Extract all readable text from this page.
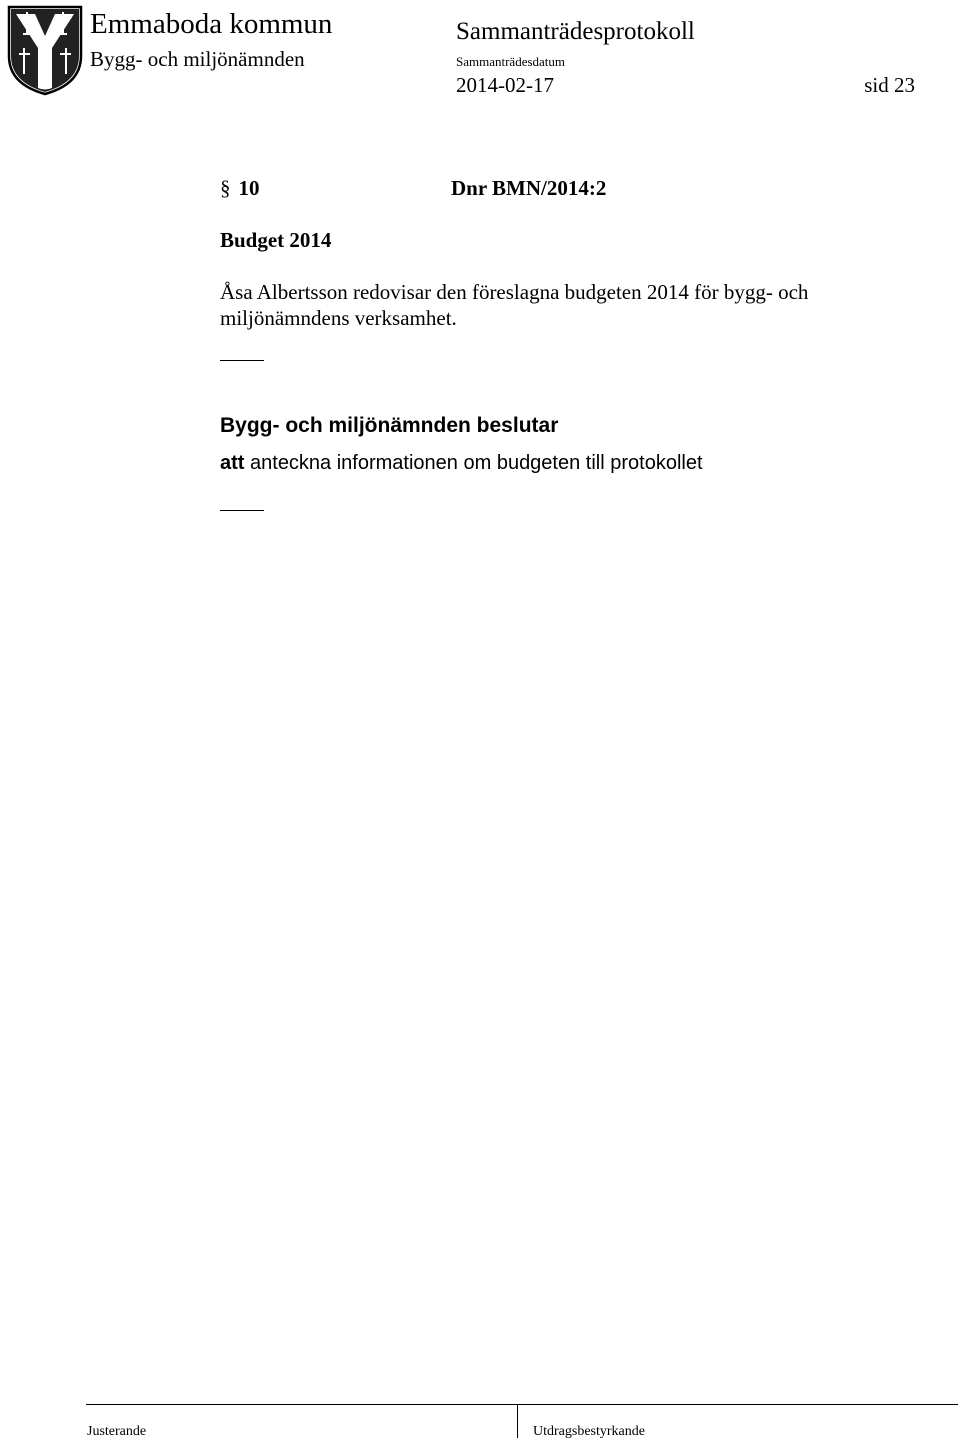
Emmaboda kommun
Bygg- och miljönämnden
Sammanträdesprotokoll
Sammanträdesdatum
2014-02-17	sid 23
§ 10	Dnr BMN/2014:2
Budget 2014
Åsa Albertsson redovisar den föreslagna budgeten 2014 för bygg- och
miljönämndens verksamhet.
Bygg- och miljönämnden beslutar
att anteckna informationen om budgeten till protokollet
Justerande	Utdragsbestyrkande
